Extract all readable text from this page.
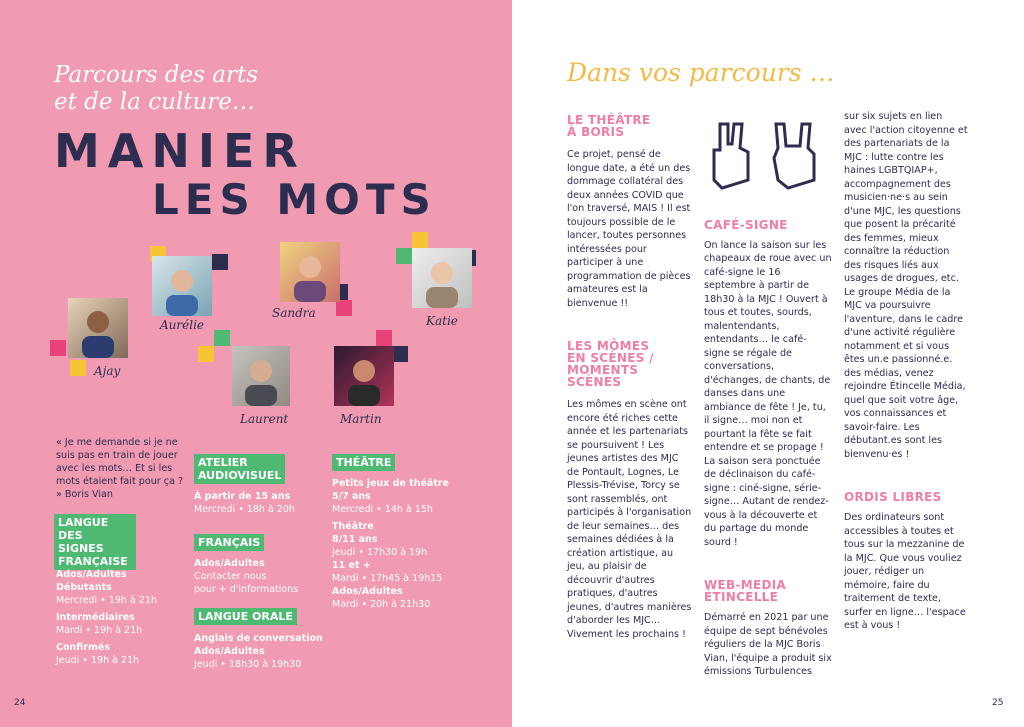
Parcours des arts
et de la culture…
MANIER
LES MOTS
Ajay
Aurélie
Sandra
Katie
Laurent	Martin
« Je me demande si je ne suis pas en train de jouer avec les mots… Et si les mots étaient fait pour ça ? » Boris Vian
LANGUE DES SIGNES FRANÇAISE
Ados/Adultes
Débutants
Mercredi • 19h à 21h
Intermédiaires
Mardi • 19h à 21h
Confirmés
Jeudi • 19h à 21h
ATELIER
AUDIOVISUEL
À partir de 15 ans
Mercredi • 18h à 20h
FRANÇAIS
Ados/Adultes
Contacter nous
pour + d'informations
LANGUE ORALE
Anglais de conversation
Ados/Adultes
Jeudi • 18h30 à 19h30
THÉÂTRE
Petits jeux de théâtre
5/7 ans
Mercredi • 14h à 15h
Théâtre
8/11 ans
Jeudi • 17h30 à 19h
11 et +
Mardi • 17h45 à 19h15
Ados/Adultes
Mardi • 20h à 21h30
24
Dans vos parcours …
LE THÉÂTRE
À BORIS
Ce projet, pensé de longue date, a été un des dommage collatéral des deux années COVID que l'on traversé, MAIS ! Il est toujours possible de le lancer, toutes personnes intéressées pour participer à une programmation de pièces amateures est la bienvenue !!
LES MÔMES
EN SCÈNES /
MOMENTS SCÈNES
Les mômes en scène ont encore été riches cette année et les partenariats se poursuivent ! Les jeunes artistes des MJC de Pontault, Lognes, Le Plessis-Trévise, Torcy se sont rassemblés, ont participés à l'organisation de leur semaines… des semaines dédiées à la création artistique, au jeu, au plaisir de découvrir d'autres pratiques, d'autres jeunes, d'autres manières d'aborder les MJC… Vivement les prochains !
CAFÉ-SIGNE
On lance la saison sur les chapeaux de roue avec un café-signe le 16 septembre à partir de 18h30 à la MJC ! Ouvert à tous et toutes, sourds, malentendants, entendants… le café-signe se régale de conversations, d'échanges, de chants, de danses dans une ambiance de fête ! Je, tu, il signe… moi non et pourtant la fête se fait entendre et se propage ! La saison sera ponctuée de déclinaison du café-signe : ciné-signe, série-signe… Autant de rendez-vous à la découverte et du partage du monde sourd !
WEB-MEDIA
ÉTINCELLE
Démarré en 2021 par une équipe de sept bénévoles réguliers de la MJC Boris Vian, l'équipe a produit six émissions Turbulences
sur six sujets en lien avec l'action citoyenne et des partenariats de la MJC : lutte contre les haines LGBTQIAP+, accompagnement des musicien·ne·s au sein d'une MJC, les questions que posent la précarité des femmes, mieux connaître la réduction des risques liés aux usages de drogues, etc. Le groupe Média de la MJC va poursuivre l'aventure, dans le cadre d'une activité régulière notamment et si vous êtes un.e passionné.e. des médias, venez rejoindre Étincelle Média, quel que soit votre âge, vos connaissances et savoir-faire. Les débutant.es sont les bienvenu·es !
ORDIS LIBRES
Des ordinateurs sont accessibles à toutes et tous sur la mezzanine de la MJC. Que vous vouliez jouer, rédiger un mémoire, faire du traitement de texte, surfer en ligne… l'espace est à vous !
25
